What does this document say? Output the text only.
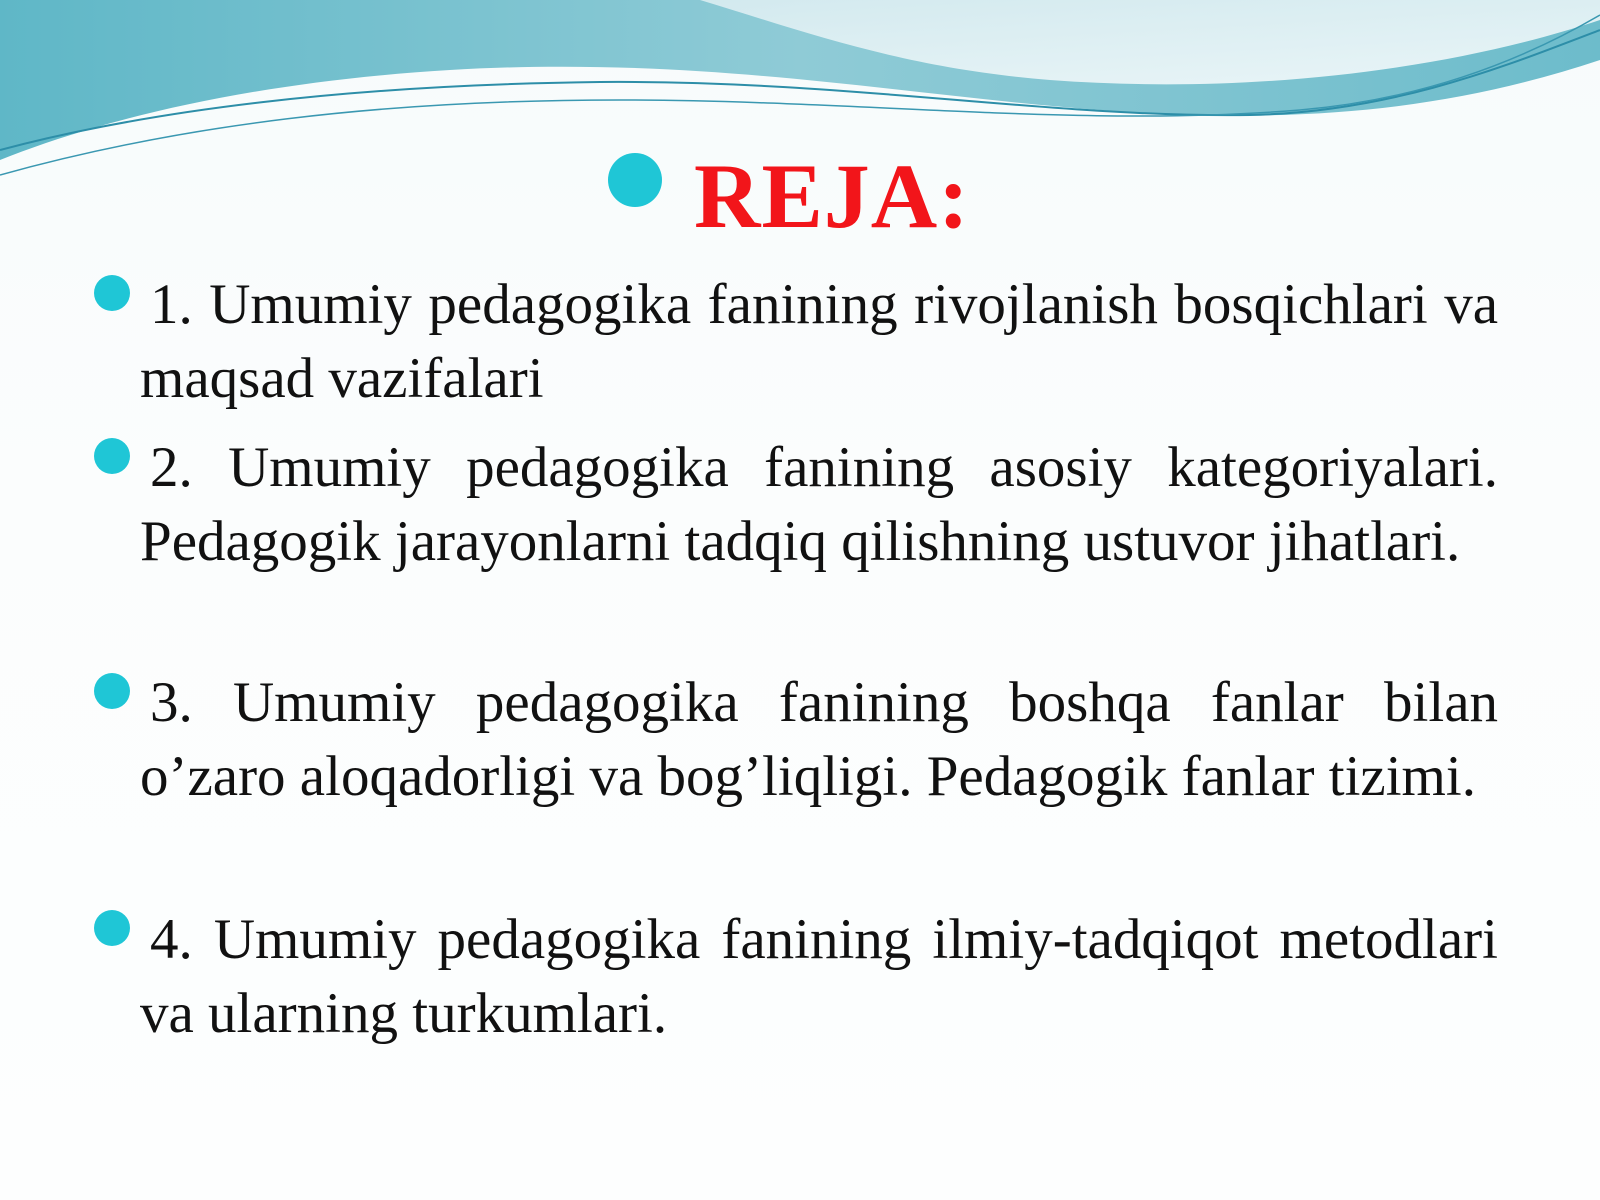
REJA:
1. Umumiy pedagogika fanining rivojlanish bosqichlari va maqsad vazifalari
2. Umumiy pedagogika fanining asosiy kategoriyalari. Pedagogik jarayonlarni tadqiq qilishning ustuvor jihatlari.
3. Umumiy pedagogika fanining boshqa fanlar bilan o’zaro aloqadorligi va bog’liqligi. Pedagogik fanlar tizimi.
4. Umumiy pedagogika fanining ilmiy-tadqiqot metodlari va ularning turkumlari.
